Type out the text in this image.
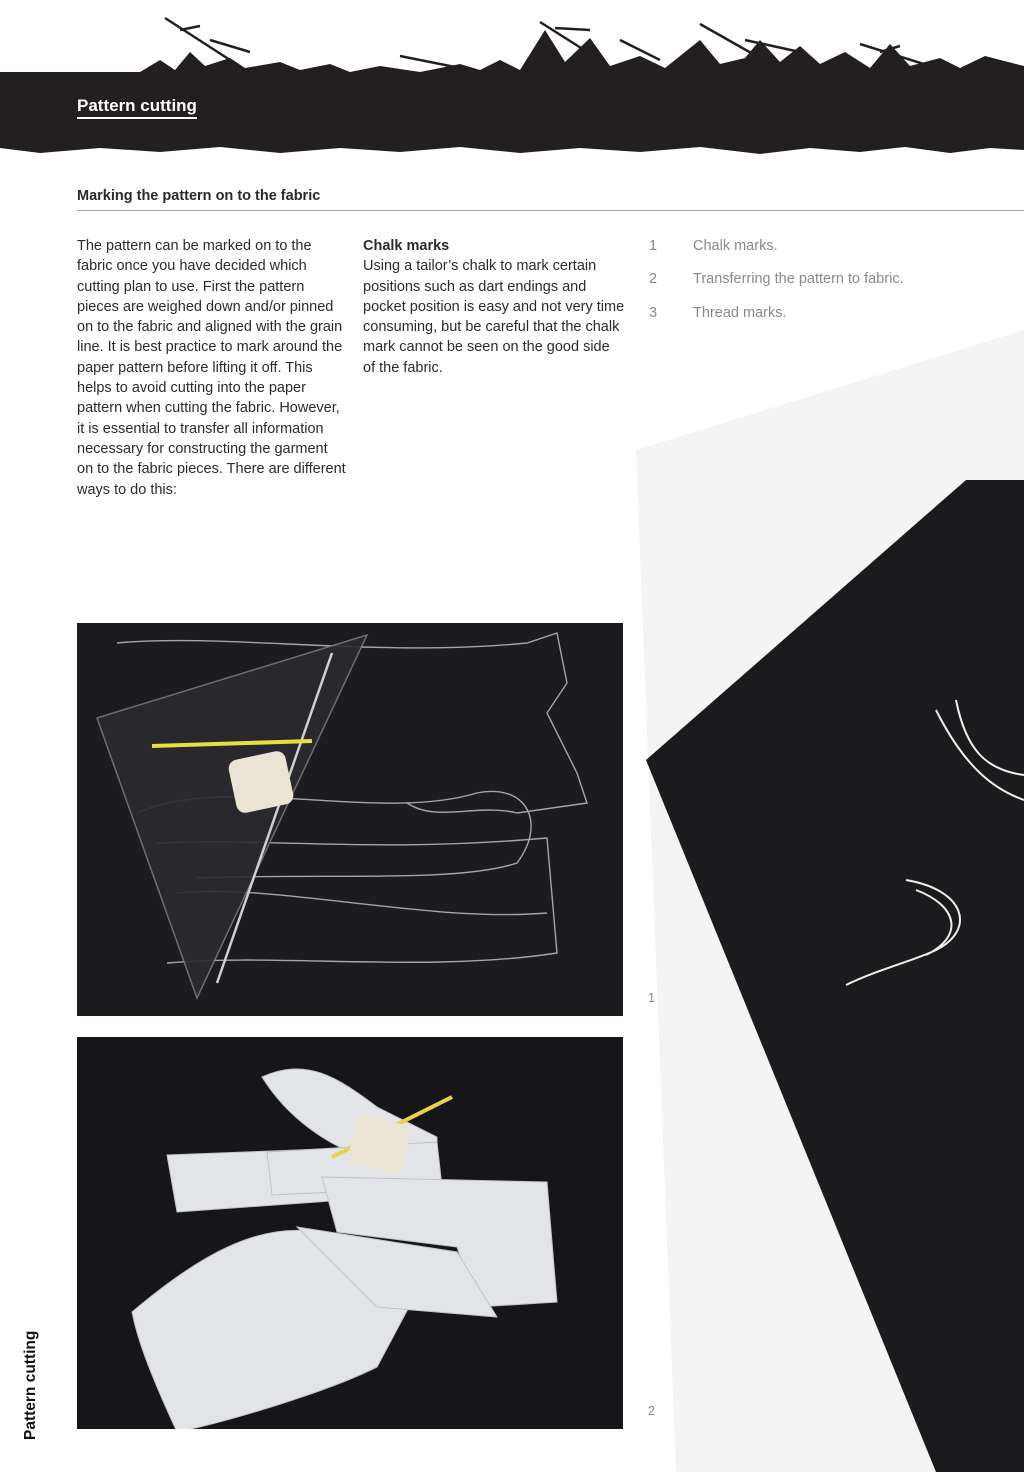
Pattern cutting
Marking the pattern on to the fabric
The pattern can be marked on to the fabric once you have decided which cutting plan to use. First the pattern pieces are weighed down and/or pinned on to the fabric and aligned with the grain line. It is best practice to mark around the paper pattern before lifting it off. This helps to avoid cutting into the paper pattern when cutting the fabric. However, it is essential to transfer all information necessary for constructing the garment on to the fabric pieces. There are different ways to do this:
Chalk marks
Using a tailor’s chalk to mark certain positions such as dart endings and pocket position is easy and not very time consuming, but be careful that the chalk mark cannot be seen on the good side of the fabric.
1	Chalk marks.
2	Transferring the pattern to fabric.
3	Thread marks.
1
2
Pattern cutting
